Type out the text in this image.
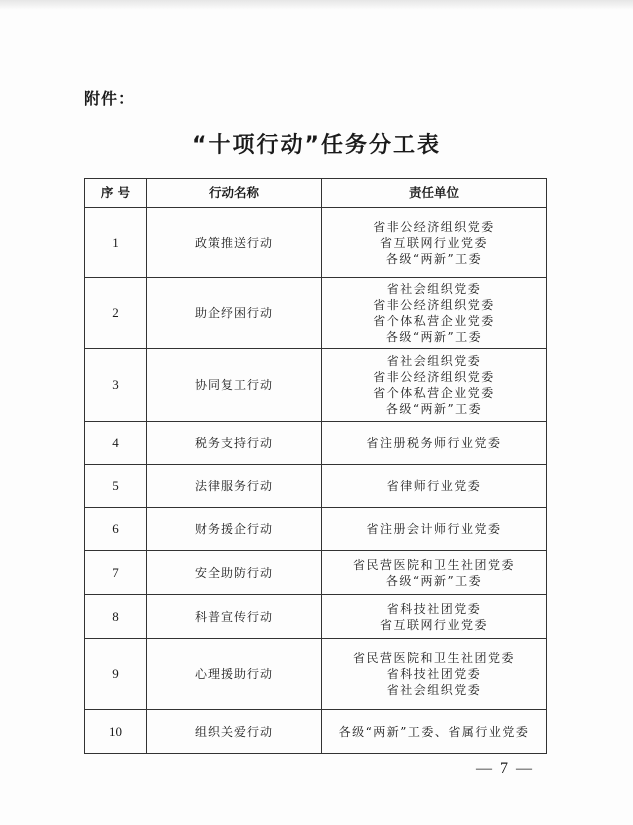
附件：
“十项行动”任务分工表
序 号	行动名称	责任单位
1	政策推送行动	省非公经济组织党委
省互联网行业党委
各级“两新”工委

2	助企纾困行动	省社会组织党委
省非公经济组织党委
省个体私营企业党委
各级“两新”工委

3	协同复工行动	省社会组织党委
省非公经济组织党委
省个体私营企业党委
各级“两新”工委

4	税务支持行动	省注册税务师行业党委

5	法律服务行动	省律师行业党委

6	财务援企行动	省注册会计师行业党委

7	安全助防行动	省民营医院和卫生社团党委
各级“两新”工委

8	科普宣传行动	省科技社团党委
省互联网行业党委

9	心理援助行动	省民营医院和卫生社团党委
省科技社团党委
省社会组织党委

10	组织关爱行动	各级“两新”工委、省属行业党委
— 7 —
